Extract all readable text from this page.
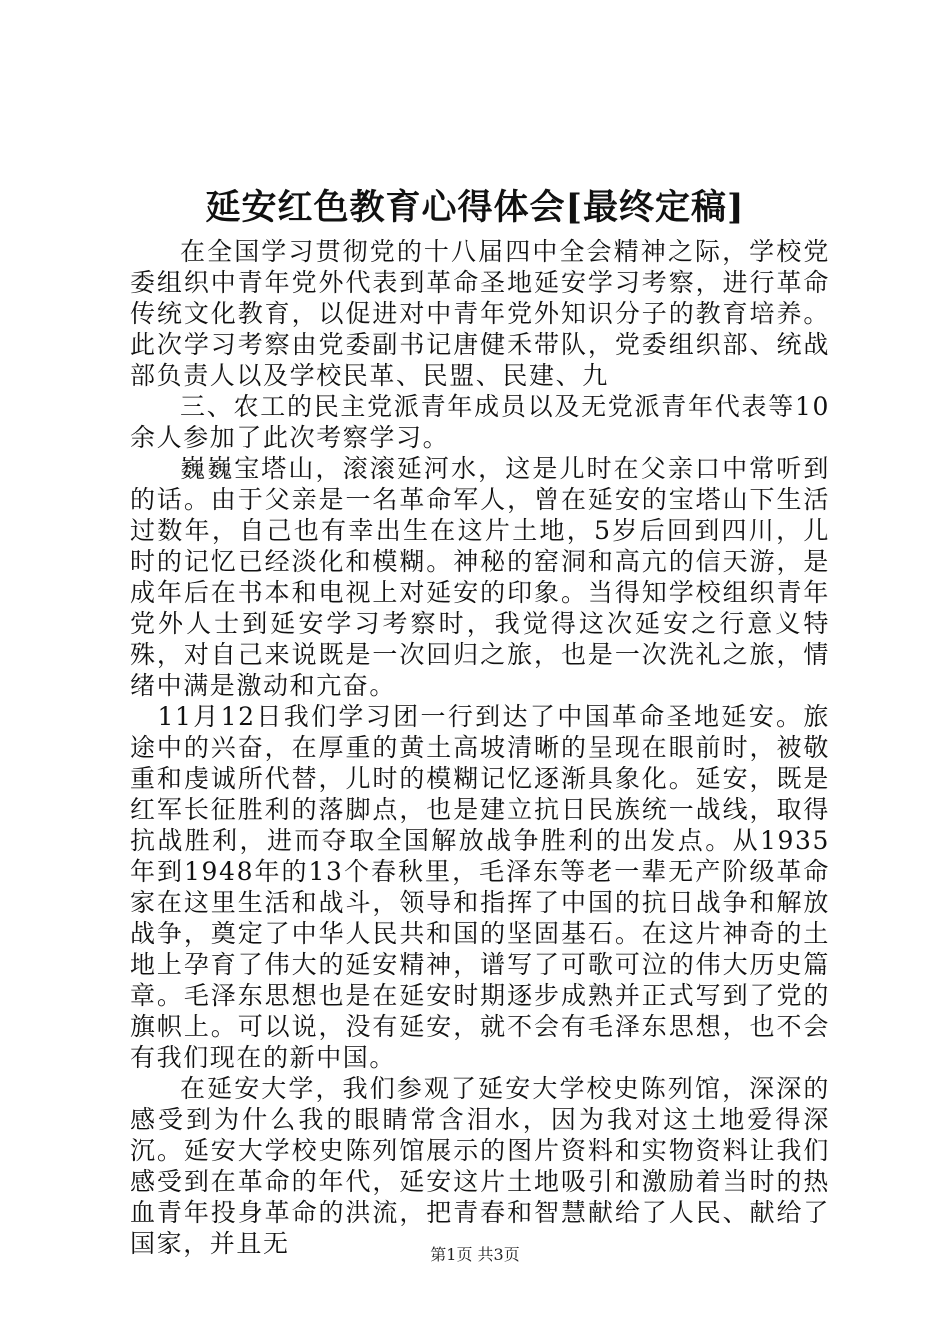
延安红色教育心得体会[最终定稿]

在全国学习贯彻党的十八届四中全会精神之际，学校党委组织中青年党外代表到革命圣地延安学习考察，进行革命传统文化教育，以促进对中青年党外知识分子的教育培养。此次学习考察由党委副书记唐健禾带队，党委组织部、统战部负责人以及学校民革、民盟、民建、九

三、农工的民主党派青年成员以及无党派青年代表等10余人参加了此次考察学习。

巍巍宝塔山，滚滚延河水，这是儿时在父亲口中常听到的话。由于父亲是一名革命军人，曾在延安的宝塔山下生活过数年，自己也有幸出生在这片土地，5岁后回到四川，儿时的记忆已经淡化和模糊。神秘的窑洞和高亢的信天游，是成年后在书本和电视上对延安的印象。当得知学校组织青年党外人士到延安学习考察时，我觉得这次延安之行意义特殊，对自己来说既是一次回归之旅，也是一次洗礼之旅，情绪中满是激动和亢奋。

11月12日我们学习团一行到达了中国革命圣地延安。旅途中的兴奋，在厚重的黄土高坡清晰的呈现在眼前时，被敬重和虔诚所代替，儿时的模糊记忆逐渐具象化。延安，既是红军长征胜利的落脚点，也是建立抗日民族统一战线，取得抗战胜利，进而夺取全国解放战争胜利的出发点。从1935年到1948年的13个春秋里，毛泽东等老一辈无产阶级革命家在这里生活和战斗，领导和指挥了中国的抗日战争和解放战争，奠定了中华人民共和国的坚固基石。在这片神奇的土地上孕育了伟大的延安精神，谱写了可歌可泣的伟大历史篇章。毛泽东思想也是在延安时期逐步成熟并正式写到了党的旗帜上。可以说，没有延安，就不会有毛泽东思想，也不会有我们现在的新中国。

在延安大学，我们参观了延安大学校史陈列馆，深深的感受到为什么我的眼睛常含泪水，因为我对这土地爱得深沉。延安大学校史陈列馆展示的图片资料和实物资料让我们感受到在革命的年代，延安这片土地吸引和激励着当时的热血青年投身革命的洪流，把青春和智慧献给了人民、献给了国家，并且无	第1页 共3页
